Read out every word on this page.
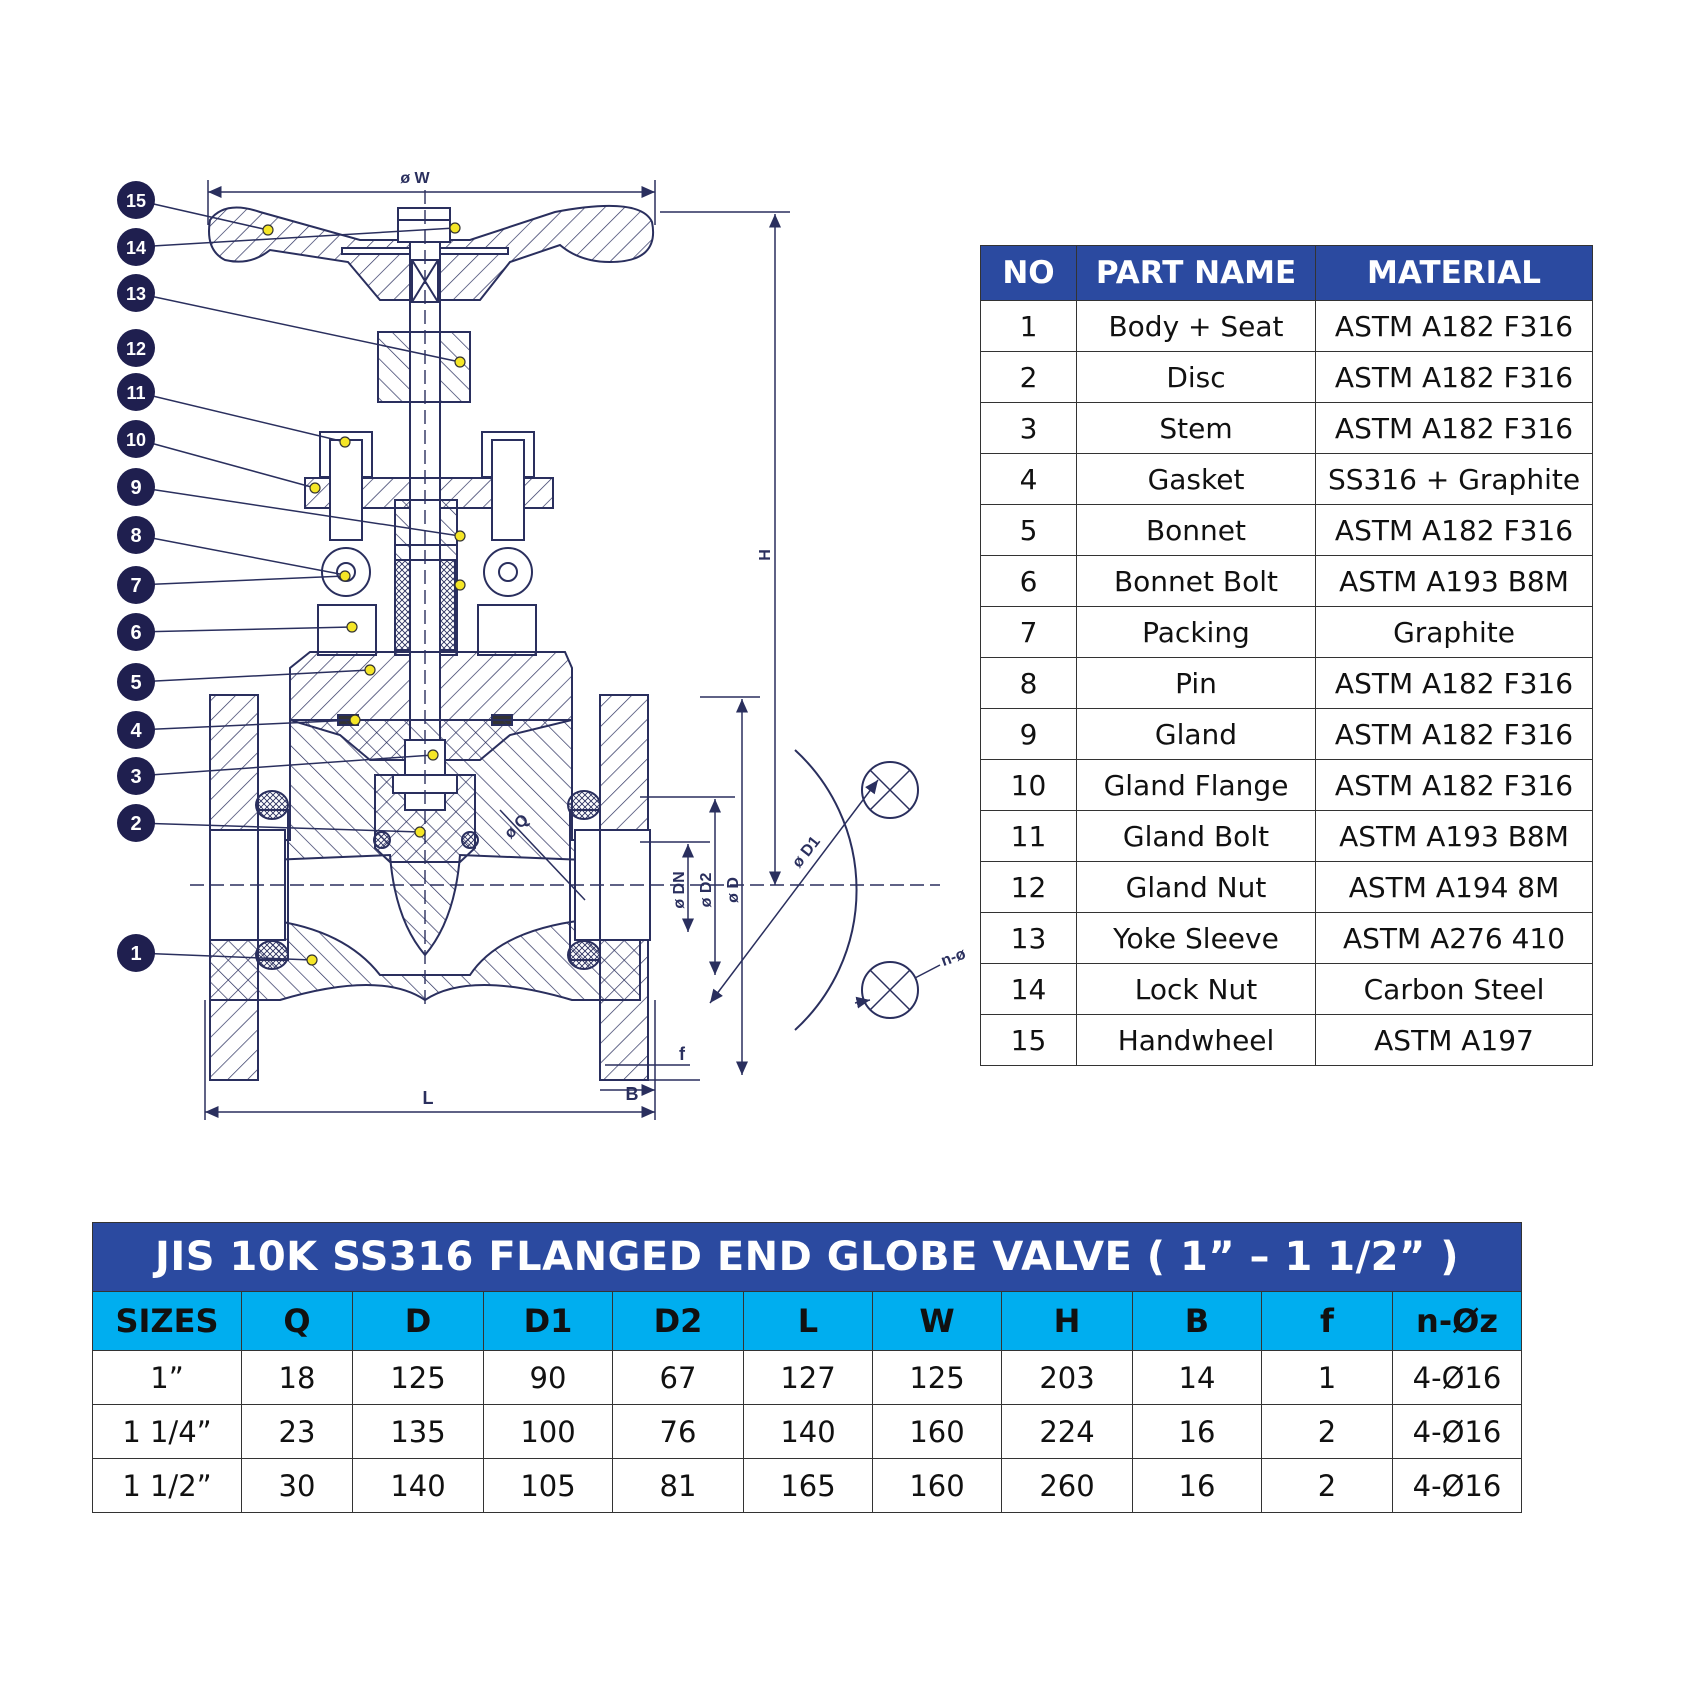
ø W
H
ø D
ø D2
ø DN
ø Q
ø D1
n-ø
L	B
f
1
2
3
4
5
6
7
8
9
10
11
12
13
14
15
NO	PART NAME	MATERIAL
1	Body + Seat	ASTM A182 F316
2	Disc	ASTM A182 F316
3	Stem	ASTM A182 F316
4	Gasket	SS316 + Graphite
5	Bonnet	ASTM A182 F316
6	Bonnet Bolt	ASTM A193 B8M
7	Packing	Graphite
8	Pin	ASTM A182 F316
9	Gland	ASTM A182 F316
10	Gland Flange	ASTM A182 F316
11	Gland Bolt	ASTM A193 B8M
12	Gland Nut	ASTM A194 8M
13	Yoke Sleeve	ASTM A276 410
14	Lock Nut	Carbon Steel
15	Handwheel	ASTM A197
JIS 10K SS316 FLANGED END GLOBE VALVE ( 1” – 1 1/2” )										
SIZES	Q	D	D1	D2	L	W	H	B	f	n-Øz
1”	18	125	90	67	127	125	203	14	1	4-Ø16
1 1/4”	23	135	100	76	140	160	224	16	2	4-Ø16
1 1/2”	30	140	105	81	165	160	260	16	2	4-Ø16
